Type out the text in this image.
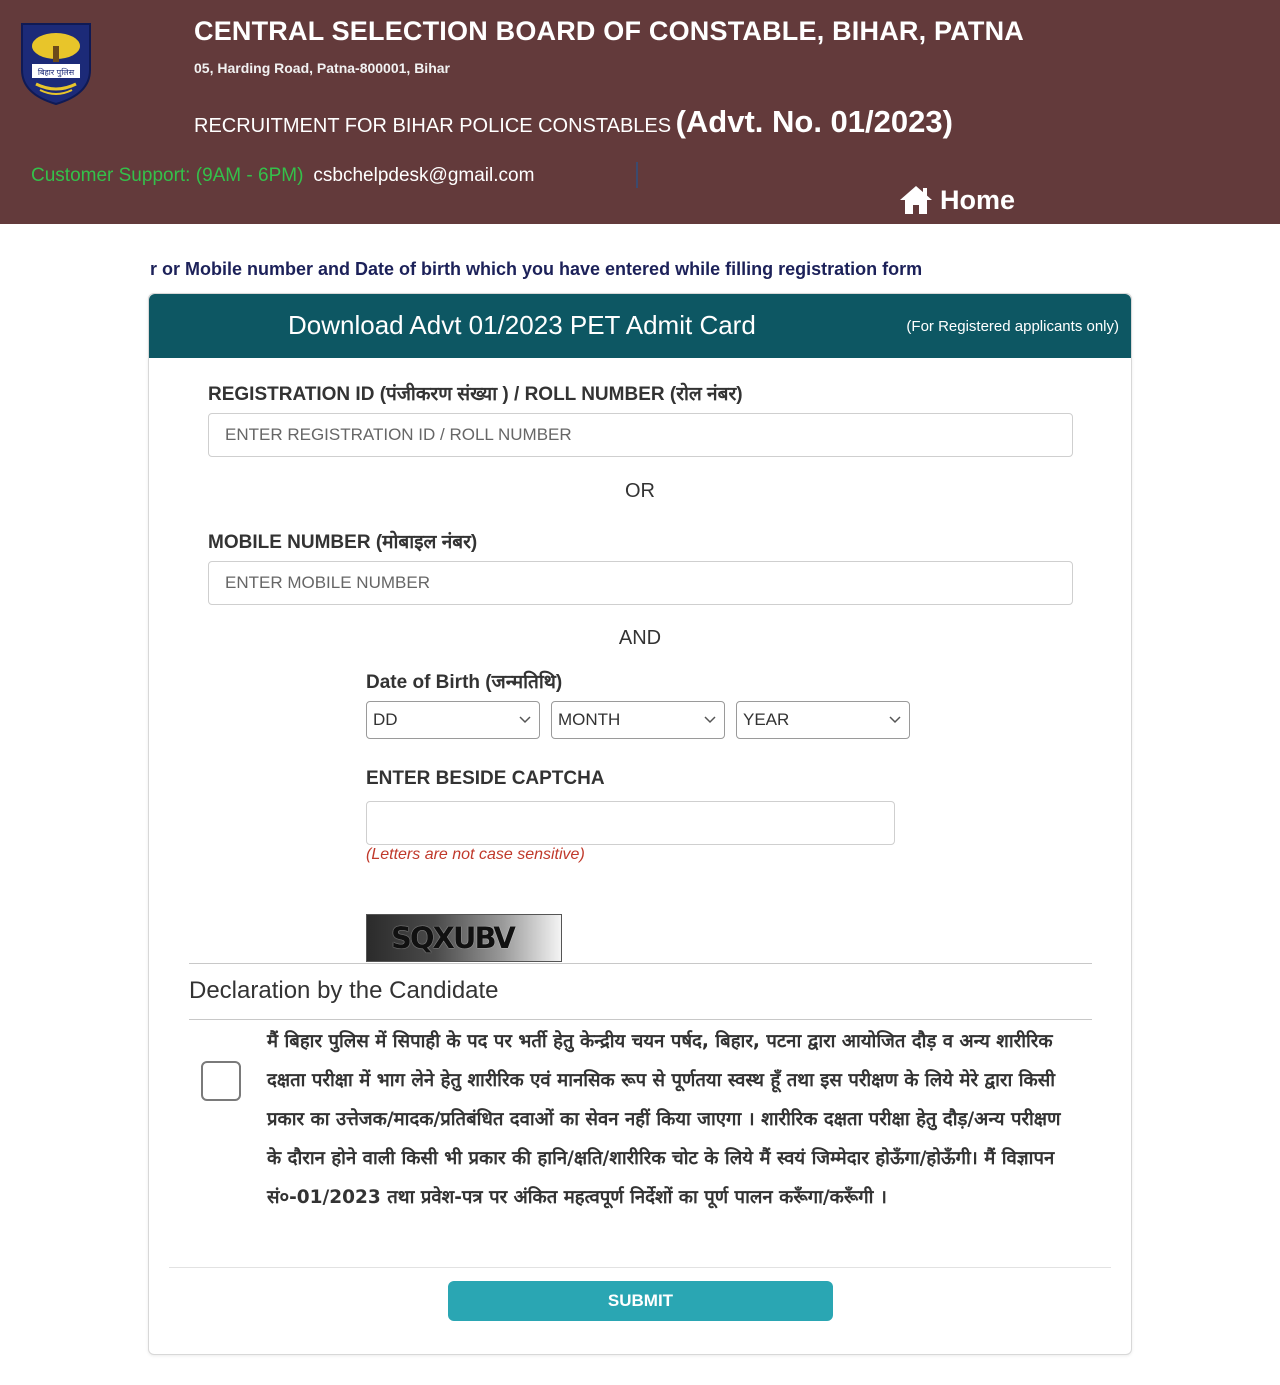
बिहार पुलिस
CENTRAL SELECTION BOARD OF CONSTABLE, BIHAR, PATNA
05, Harding Road, Patna-800001, Bihar
RECRUITMENT FOR BIHAR POLICE CONSTABLES (Advt. No. 01/2023)
Customer Support: (9AM - 6PM) csbchelpdesk@gmail.com
Home
r or Mobile number and Date of birth which you have entered while filling registration form
Download Advt 01/2023 PET Admit Card	(For Registered applicants only)
REGISTRATION ID (पंजीकरण संख्या ) / ROLL NUMBER (रोल नंबर)
ENTER REGISTRATION ID / ROLL NUMBER
OR
MOBILE NUMBER (मोबाइल नंबर)
ENTER MOBILE NUMBER
AND
Date of Birth (जन्मतिथि)
DD	MONTH	YEAR
ENTER BESIDE CAPTCHA
(Letters are not case sensitive)
SQXUBV
Declaration by the Candidate
मैं बिहार पुलिस में सिपाही के पद पर भर्ती हेतु केन्द्रीय चयन पर्षद, बिहार, पटना द्वारा आयोजित दौड़ व अन्य शारीरिक दक्षता परीक्षा में भाग लेने हेतु शारीरिक एवं मानसिक रूप से पूर्णतया स्वस्थ हूँ तथा इस परीक्षण के लिये मेरे द्वारा किसी प्रकार का उत्तेजक/मादक/प्रतिबंधित दवाओं का सेवन नहीं किया जाएगा । शारीरिक दक्षता परीक्षा हेतु दौड़/अन्य परीक्षण के दौरान होने वाली किसी भी प्रकार की हानि/क्षति/शारीरिक चोट के लिये मैं स्वयं जिम्मेदार होऊँगा/होऊँगी। मैं विज्ञापन सं०-01/2023 तथा प्रवेश-पत्र पर अंकित महत्वपूर्ण निर्देशों का पूर्ण पालन करूँगा/करूँगी ।
SUBMIT
